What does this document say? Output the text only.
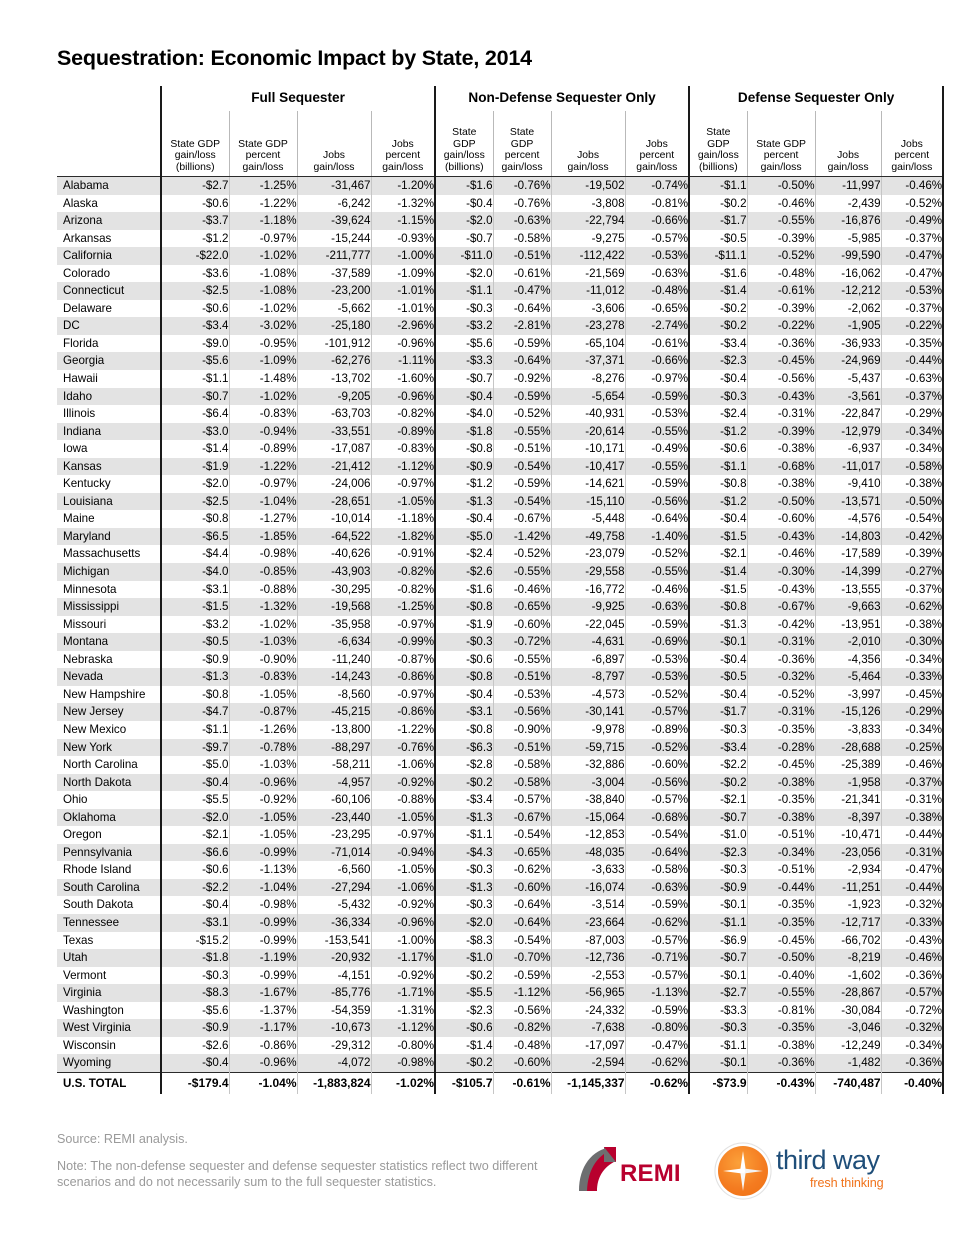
Sequestration: Economic Impact by State, 2014
	Full Sequester				Non-Defense Sequester Only				Defense Sequester Only			
	State GDP
gain/loss
(billions)	State GDP
percent
gain/loss	Jobs
gain/loss	Jobs
percent
gain/loss	State
GDP
gain/loss
(billions)	State
GDP
percent
gain/loss	Jobs
gain/loss	Jobs
percent
gain/loss	State
GDP
gain/loss
(billions)	State GDP
percent
gain/loss	Jobs
gain/loss	Jobs
percent
gain/loss
Alabama	-$2.7	-1.25%	-31,467	-1.20%	-$1.6	-0.76%	-19,502	-0.74%	-$1.1	-0.50%	-11,997	-0.46%
Alaska	-$0.6	-1.22%	-6,242	-1.32%	-$0.4	-0.76%	-3,808	-0.81%	-$0.2	-0.46%	-2,439	-0.52%
Arizona	-$3.7	-1.18%	-39,624	-1.15%	-$2.0	-0.63%	-22,794	-0.66%	-$1.7	-0.55%	-16,876	-0.49%
Arkansas	-$1.2	-0.97%	-15,244	-0.93%	-$0.7	-0.58%	-9,275	-0.57%	-$0.5	-0.39%	-5,985	-0.37%
California	-$22.0	-1.02%	-211,777	-1.00%	-$11.0	-0.51%	-112,422	-0.53%	-$11.1	-0.52%	-99,590	-0.47%
Colorado	-$3.6	-1.08%	-37,589	-1.09%	-$2.0	-0.61%	-21,569	-0.63%	-$1.6	-0.48%	-16,062	-0.47%
Connecticut	-$2.5	-1.08%	-23,200	-1.01%	-$1.1	-0.47%	-11,012	-0.48%	-$1.4	-0.61%	-12,212	-0.53%
Delaware	-$0.6	-1.02%	-5,662	-1.01%	-$0.3	-0.64%	-3,606	-0.65%	-$0.2	-0.39%	-2,062	-0.37%
DC	-$3.4	-3.02%	-25,180	-2.96%	-$3.2	-2.81%	-23,278	-2.74%	-$0.2	-0.22%	-1,905	-0.22%
Florida	-$9.0	-0.95%	-101,912	-0.96%	-$5.6	-0.59%	-65,104	-0.61%	-$3.4	-0.36%	-36,933	-0.35%
Georgia	-$5.6	-1.09%	-62,276	-1.11%	-$3.3	-0.64%	-37,371	-0.66%	-$2.3	-0.45%	-24,969	-0.44%
Hawaii	-$1.1	-1.48%	-13,702	-1.60%	-$0.7	-0.92%	-8,276	-0.97%	-$0.4	-0.56%	-5,437	-0.63%
Idaho	-$0.7	-1.02%	-9,205	-0.96%	-$0.4	-0.59%	-5,654	-0.59%	-$0.3	-0.43%	-3,561	-0.37%
Illinois	-$6.4	-0.83%	-63,703	-0.82%	-$4.0	-0.52%	-40,931	-0.53%	-$2.4	-0.31%	-22,847	-0.29%
Indiana	-$3.0	-0.94%	-33,551	-0.89%	-$1.8	-0.55%	-20,614	-0.55%	-$1.2	-0.39%	-12,979	-0.34%
Iowa	-$1.4	-0.89%	-17,087	-0.83%	-$0.8	-0.51%	-10,171	-0.49%	-$0.6	-0.38%	-6,937	-0.34%
Kansas	-$1.9	-1.22%	-21,412	-1.12%	-$0.9	-0.54%	-10,417	-0.55%	-$1.1	-0.68%	-11,017	-0.58%
Kentucky	-$2.0	-0.97%	-24,006	-0.97%	-$1.2	-0.59%	-14,621	-0.59%	-$0.8	-0.38%	-9,410	-0.38%
Louisiana	-$2.5	-1.04%	-28,651	-1.05%	-$1.3	-0.54%	-15,110	-0.56%	-$1.2	-0.50%	-13,571	-0.50%
Maine	-$0.8	-1.27%	-10,014	-1.18%	-$0.4	-0.67%	-5,448	-0.64%	-$0.4	-0.60%	-4,576	-0.54%
Maryland	-$6.5	-1.85%	-64,522	-1.82%	-$5.0	-1.42%	-49,758	-1.40%	-$1.5	-0.43%	-14,803	-0.42%
Massachusetts	-$4.4	-0.98%	-40,626	-0.91%	-$2.4	-0.52%	-23,079	-0.52%	-$2.1	-0.46%	-17,589	-0.39%
Michigan	-$4.0	-0.85%	-43,903	-0.82%	-$2.6	-0.55%	-29,558	-0.55%	-$1.4	-0.30%	-14,399	-0.27%
Minnesota	-$3.1	-0.88%	-30,295	-0.82%	-$1.6	-0.46%	-16,772	-0.46%	-$1.5	-0.43%	-13,555	-0.37%
Mississippi	-$1.5	-1.32%	-19,568	-1.25%	-$0.8	-0.65%	-9,925	-0.63%	-$0.8	-0.67%	-9,663	-0.62%
Missouri	-$3.2	-1.02%	-35,958	-0.97%	-$1.9	-0.60%	-22,045	-0.59%	-$1.3	-0.42%	-13,951	-0.38%
Montana	-$0.5	-1.03%	-6,634	-0.99%	-$0.3	-0.72%	-4,631	-0.69%	-$0.1	-0.31%	-2,010	-0.30%
Nebraska	-$0.9	-0.90%	-11,240	-0.87%	-$0.6	-0.55%	-6,897	-0.53%	-$0.4	-0.36%	-4,356	-0.34%
Nevada	-$1.3	-0.83%	-14,243	-0.86%	-$0.8	-0.51%	-8,797	-0.53%	-$0.5	-0.32%	-5,464	-0.33%
New Hampshire	-$0.8	-1.05%	-8,560	-0.97%	-$0.4	-0.53%	-4,573	-0.52%	-$0.4	-0.52%	-3,997	-0.45%
New Jersey	-$4.7	-0.87%	-45,215	-0.86%	-$3.1	-0.56%	-30,141	-0.57%	-$1.7	-0.31%	-15,126	-0.29%
New Mexico	-$1.1	-1.26%	-13,800	-1.22%	-$0.8	-0.90%	-9,978	-0.89%	-$0.3	-0.35%	-3,833	-0.34%
New York	-$9.7	-0.78%	-88,297	-0.76%	-$6.3	-0.51%	-59,715	-0.52%	-$3.4	-0.28%	-28,688	-0.25%
North Carolina	-$5.0	-1.03%	-58,211	-1.06%	-$2.8	-0.58%	-32,886	-0.60%	-$2.2	-0.45%	-25,389	-0.46%
North Dakota	-$0.4	-0.96%	-4,957	-0.92%	-$0.2	-0.58%	-3,004	-0.56%	-$0.2	-0.38%	-1,958	-0.37%
Ohio	-$5.5	-0.92%	-60,106	-0.88%	-$3.4	-0.57%	-38,840	-0.57%	-$2.1	-0.35%	-21,341	-0.31%
Oklahoma	-$2.0	-1.05%	-23,440	-1.05%	-$1.3	-0.67%	-15,064	-0.68%	-$0.7	-0.38%	-8,397	-0.38%
Oregon	-$2.1	-1.05%	-23,295	-0.97%	-$1.1	-0.54%	-12,853	-0.54%	-$1.0	-0.51%	-10,471	-0.44%
Pennsylvania	-$6.6	-0.99%	-71,014	-0.94%	-$4.3	-0.65%	-48,035	-0.64%	-$2.3	-0.34%	-23,056	-0.31%
Rhode Island	-$0.6	-1.13%	-6,560	-1.05%	-$0.3	-0.62%	-3,633	-0.58%	-$0.3	-0.51%	-2,934	-0.47%
South Carolina	-$2.2	-1.04%	-27,294	-1.06%	-$1.3	-0.60%	-16,074	-0.63%	-$0.9	-0.44%	-11,251	-0.44%
South Dakota	-$0.4	-0.98%	-5,432	-0.92%	-$0.3	-0.64%	-3,514	-0.59%	-$0.1	-0.35%	-1,923	-0.32%
Tennessee	-$3.1	-0.99%	-36,334	-0.96%	-$2.0	-0.64%	-23,664	-0.62%	-$1.1	-0.35%	-12,717	-0.33%
Texas	-$15.2	-0.99%	-153,541	-1.00%	-$8.3	-0.54%	-87,003	-0.57%	-$6.9	-0.45%	-66,702	-0.43%
Utah	-$1.8	-1.19%	-20,932	-1.17%	-$1.0	-0.70%	-12,736	-0.71%	-$0.7	-0.50%	-8,219	-0.46%
Vermont	-$0.3	-0.99%	-4,151	-0.92%	-$0.2	-0.59%	-2,553	-0.57%	-$0.1	-0.40%	-1,602	-0.36%
Virginia	-$8.3	-1.67%	-85,776	-1.71%	-$5.5	-1.12%	-56,965	-1.13%	-$2.7	-0.55%	-28,867	-0.57%
Washington	-$5.6	-1.37%	-54,359	-1.31%	-$2.3	-0.56%	-24,332	-0.59%	-$3.3	-0.81%	-30,084	-0.72%
West Virginia	-$0.9	-1.17%	-10,673	-1.12%	-$0.6	-0.82%	-7,638	-0.80%	-$0.3	-0.35%	-3,046	-0.32%
Wisconsin	-$2.6	-0.86%	-29,312	-0.80%	-$1.4	-0.48%	-17,097	-0.47%	-$1.1	-0.38%	-12,249	-0.34%
Wyoming	-$0.4	-0.96%	-4,072	-0.98%	-$0.2	-0.60%	-2,594	-0.62%	-$0.1	-0.36%	-1,482	-0.36%
U.S. TOTAL	-$179.4	-1.04%	-1,883,824	-1.02%	-$105.7	-0.61%	-1,145,337	-0.62%	-$73.9	-0.43%	-740,487	-0.40%
Source: REMI analysis.
Note: The non-defense sequester and defense sequester statistics reflect two different scenarios and do not necessarily sum to the full sequester statistics.	REMI	third way
fresh thinking
